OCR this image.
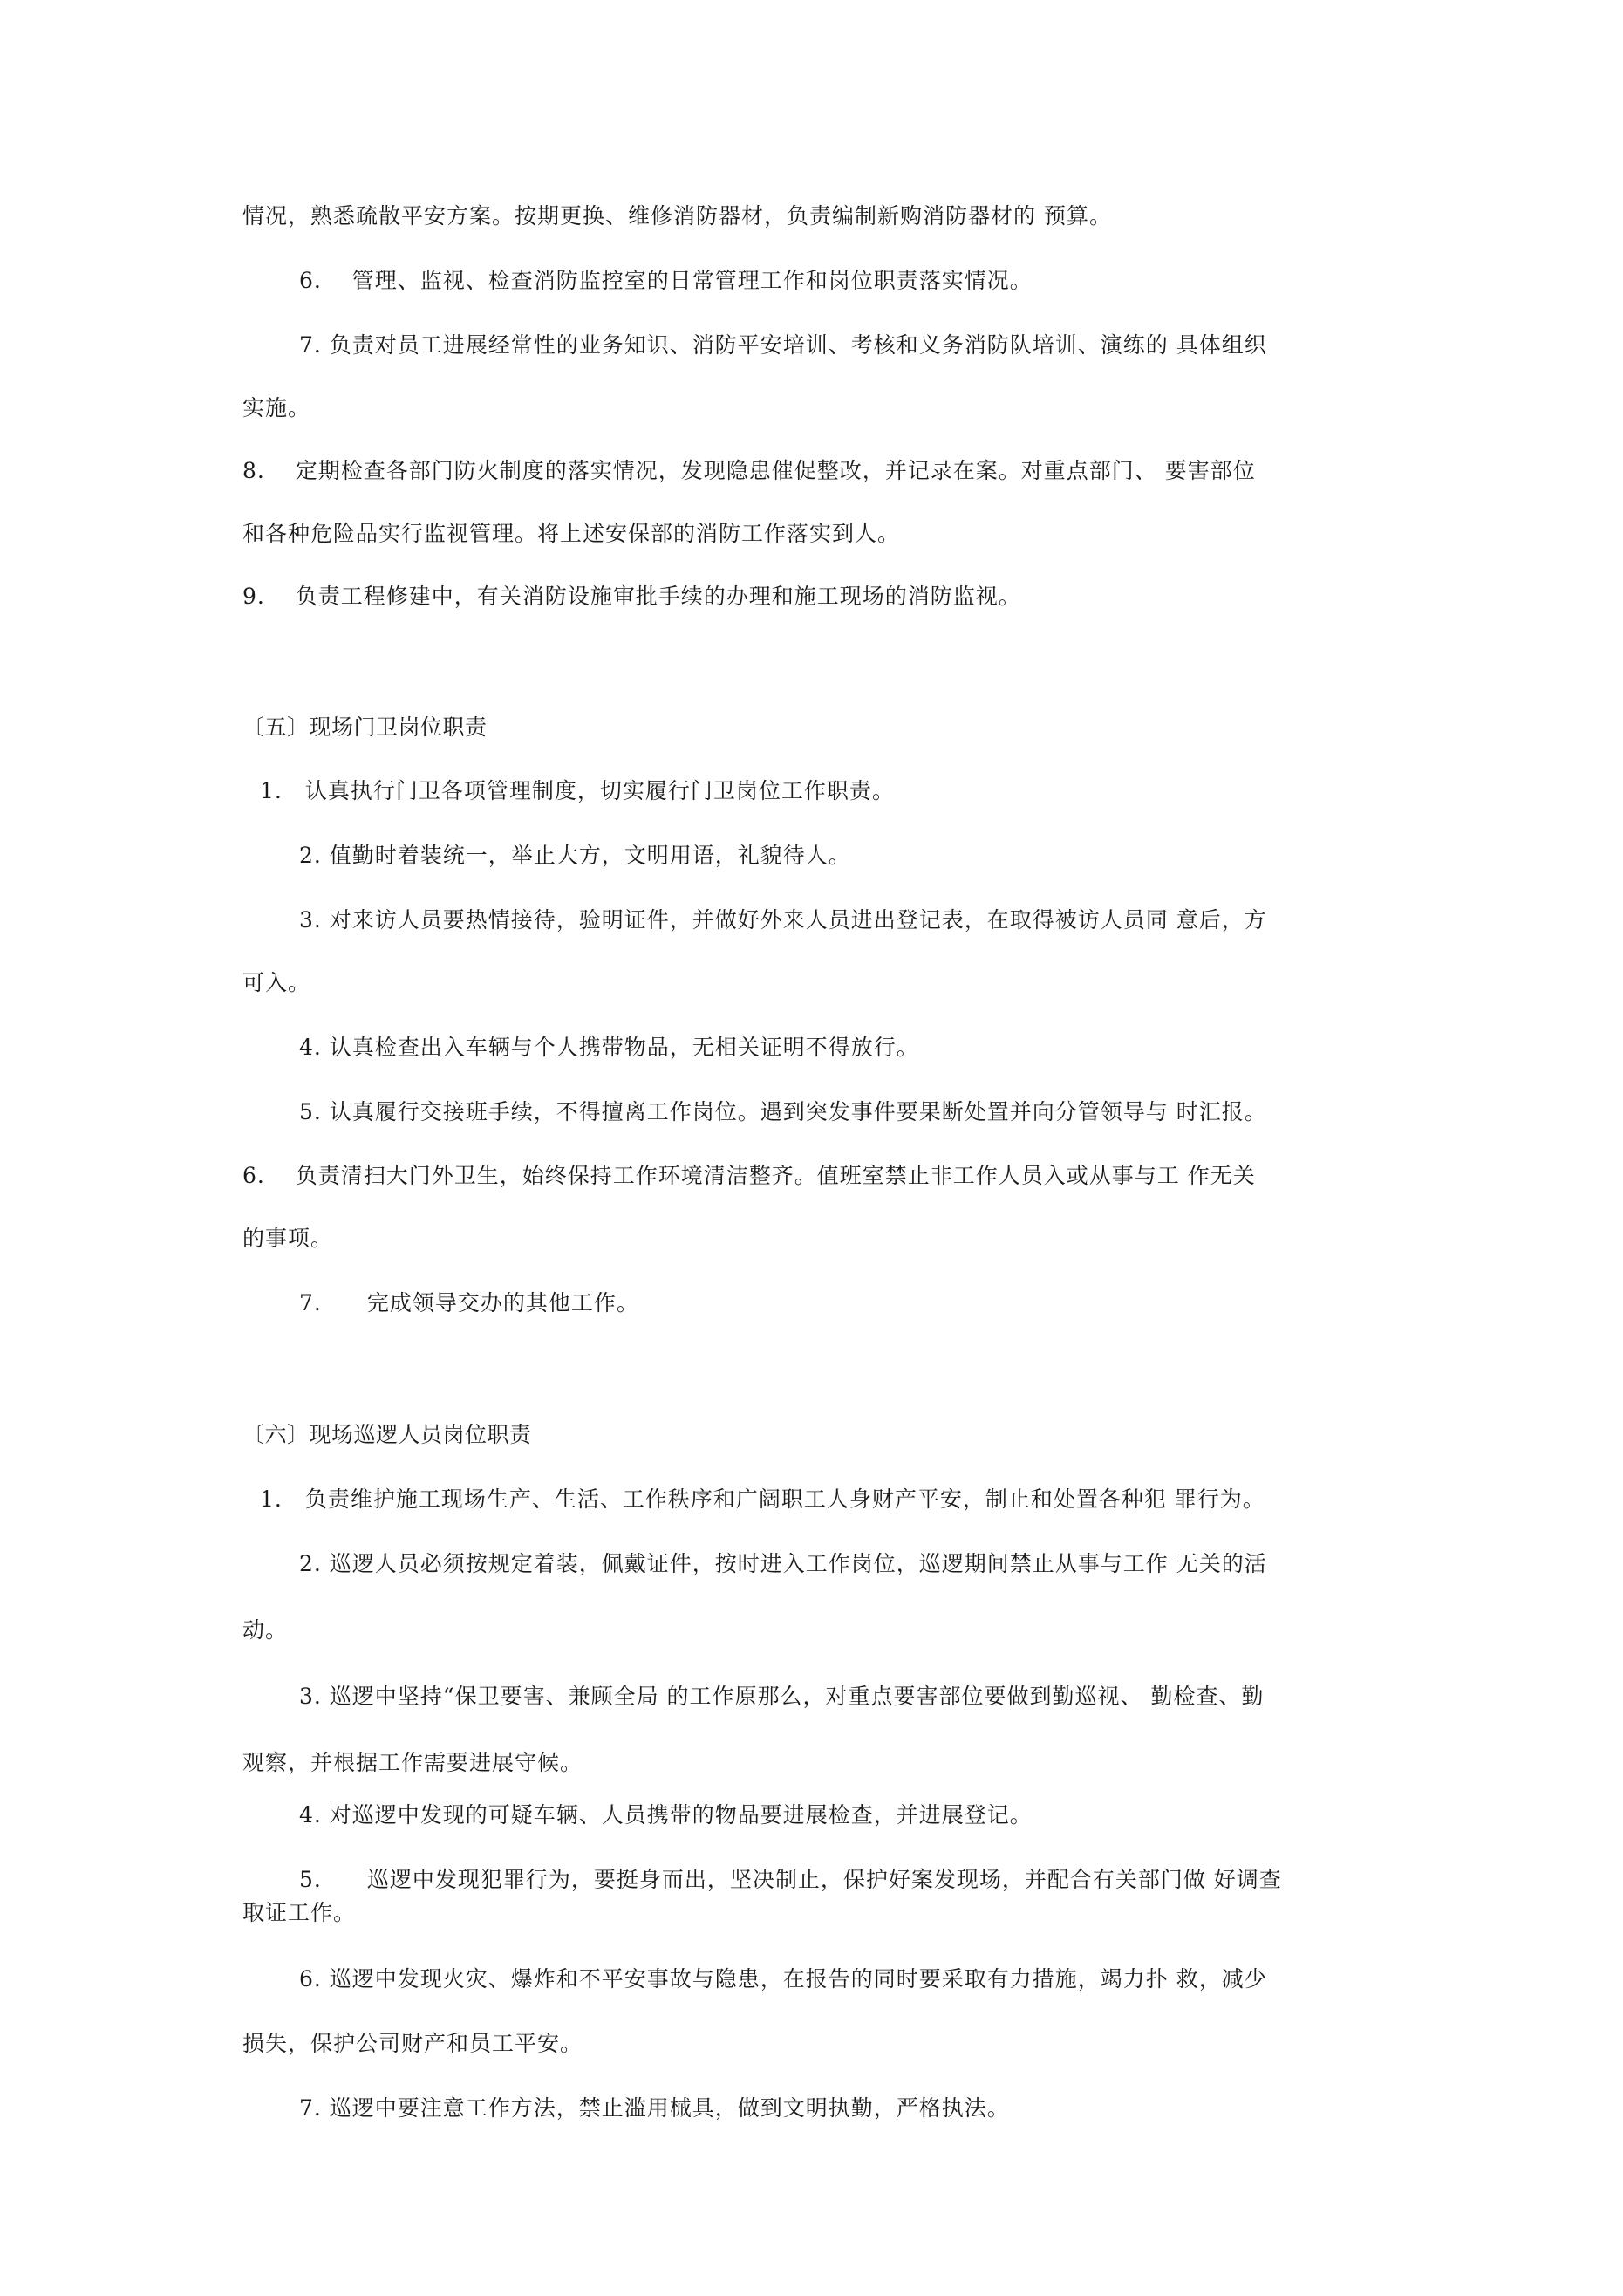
情况，熟悉疏散平安方案。按期更换、维修消防器材，负责编制新购消防器材的 预算。
6.　 管理、监视、检查消防监控室的日常管理工作和岗位职责落实情况。
7. 负责对员工进展经常性的业务知识、消防平安培训、考核和义务消防队培训、演练的 具体组织
实施。
8.　 定期检查各部门防火制度的落实情况，发现隐患催促整改，并记录在案。对重点部门、 要害部位
和各种危险品实行监视管理。将上述安保部的消防工作落实到人。
9.　 负责工程修建中，有关消防设施审批手续的办理和施工现场的消防监视。
〔五〕现场门卫岗位职责
1.　认真执行门卫各项管理制度，切实履行门卫岗位工作职责。
2. 值勤时着装统一，举止大方，文明用语，礼貌待人。
3. 对来访人员要热情接待，验明证件，并做好外来人员进出登记表，在取得被访人员同 意后，方
可入。
4. 认真检查出入车辆与个人携带物品，无相关证明不得放行。
5. 认真履行交接班手续，不得擅离工作岗位。遇到突发事件要果断处置并向分管领导与 时汇报。
6.　 负责清扫大门外卫生，始终保持工作环境清洁整齐。值班室禁止非工作人员入或从事与工 作无关
的事项。
7.　　完成领导交办的其他工作。
〔六〕现场巡逻人员岗位职责
1.　负责维护施工现场生产、生活、工作秩序和广阔职工人身财产平安，制止和处置各种犯 罪行为。
2. 巡逻人员必须按规定着装，佩戴证件，按时进入工作岗位，巡逻期间禁止从事与工作 无关的活
动。
3. 巡逻中坚持“保卫要害、兼顾全局 的工作原那么，对重点要害部位要做到勤巡视、 勤检查、勤
观察，并根据工作需要进展守候。
4. 对巡逻中发现的可疑车辆、人员携带的物品要进展检查，并进展登记。
5.　　巡逻中发现犯罪行为，要挺身而出，坚决制止，保护好案发现场，并配合有关部门做 好调查
取证工作。
6. 巡逻中发现火灾、爆炸和不平安事故与隐患，在报告的同时要采取有力措施，竭力扑 救，减少
损失，保护公司财产和员工平安。
7. 巡逻中要注意工作方法，禁止滥用械具，做到文明执勤，严格执法。
